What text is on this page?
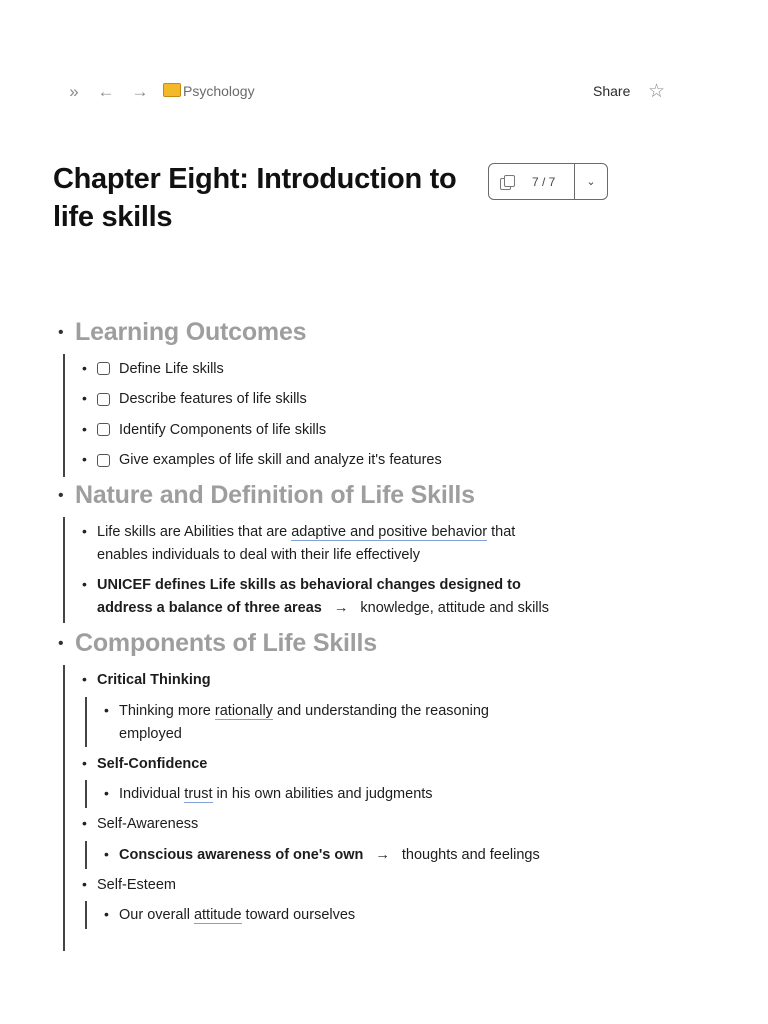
»	← → Psychology	Share ☆
Chapter Eight: Introduction to life skills
7 / 7	⌄
• Learning Outcomes
• Define Life skills
• Describe features of life skills
• Identify Components of life skills
• Give examples of life skill and analyze it's features
• Nature and Definition of Life Skills
• Life skills are Abilities that are adaptive and positive behavior that
enables individuals to deal with their life effectively
• UNICEF defines Life skills as behavioral changes designed to
address a balance of three areas → knowledge, attitude and skills
• Components of Life Skills
• Critical Thinking
• Thinking more rationally and understanding the reasoning
employed
• Self-Confidence
• Individual trust in his own abilities and judgments
• Self-Awareness
• Conscious awareness of one's own → thoughts and feelings
• Self-Esteem
• Our overall attitude toward ourselves
